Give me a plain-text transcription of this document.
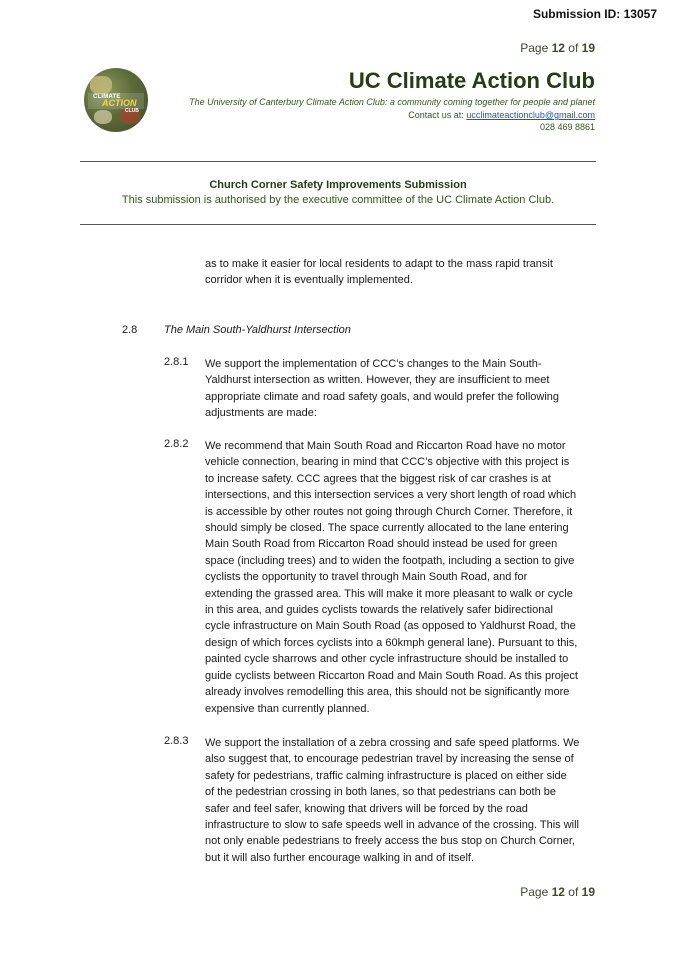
Submission ID: 13057
Page 12 of 19
CLIMATE
ACTION
CLUB
UC Climate Action Club
The University of Canterbury Climate Action Club: a community coming together for people and planet
Contact us at: ucclimateactionclub@gmail.com
028 469 8861
Church Corner Safety Improvements Submission
This submission is authorised by the executive committee of the UC Climate Action Club.
as to make it easier for local residents to adapt to the mass rapid transit
corridor when it is eventually implemented.
2.8 The Main South-Yaldhurst Intersection
2.8.1 We support the implementation of CCC’s changes to the Main South-
Yaldhurst intersection as written. However, they are insufficient to meet
appropriate climate and road safety goals, and would prefer the following
adjustments are made:
2.8.2 We recommend that Main South Road and Riccarton Road have no motor
vehicle connection, bearing in mind that CCC’s objective with this project is
to increase safety. CCC agrees that the biggest risk of car crashes is at
intersections, and this intersection services a very short length of road which
is accessible by other routes not going through Church Corner. Therefore, it
should simply be closed. The space currently allocated to the lane entering
Main South Road from Riccarton Road should instead be used for green
space (including trees) and to widen the footpath, including a section to give
cyclists the opportunity to travel through Main South Road, and for
extending the grassed area. This will make it more pleasant to walk or cycle
in this area, and guides cyclists towards the relatively safer bidirectional
cycle infrastructure on Main South Road (as opposed to Yaldhurst Road, the
design of which forces cyclists into a 60kmph general lane). Pursuant to this,
painted cycle sharrows and other cycle infrastructure should be installed to
guide cyclists between Riccarton Road and Main South Road. As this project
already involves remodelling this area, this should not be significantly more
expensive than currently planned.
2.8.3 We support the installation of a zebra crossing and safe speed platforms. We
also suggest that, to encourage pedestrian travel by increasing the sense of
safety for pedestrians, traffic calming infrastructure is placed on either side
of the pedestrian crossing in both lanes, so that pedestrians can both be
safer and feel safer, knowing that drivers will be forced by the road
infrastructure to slow to safe speeds well in advance of the crossing. This will
not only enable pedestrians to freely access the bus stop on Church Corner,
but it will also further encourage walking in and of itself.
Page 12 of 19
